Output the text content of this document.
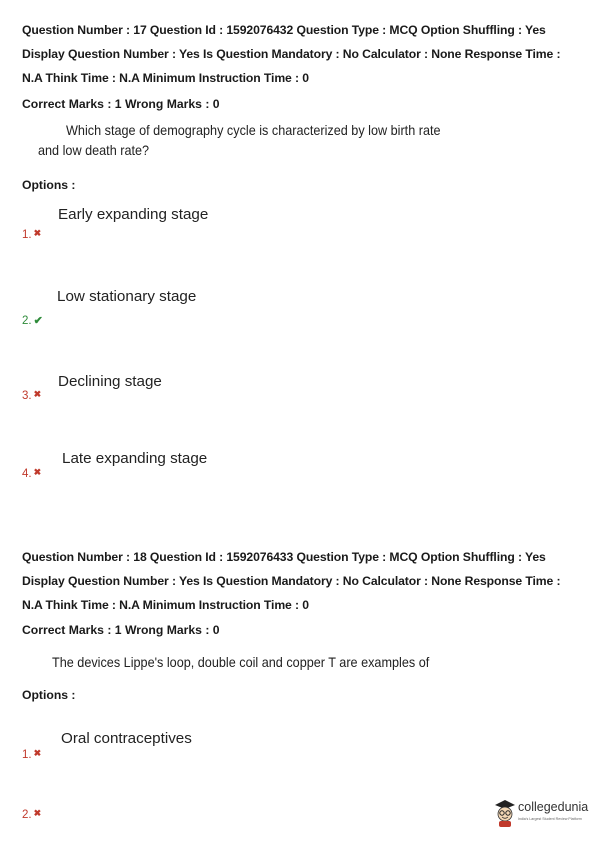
Question Number : 17 Question Id : 1592076432 Question Type : MCQ Option Shuffling : Yes Display Question Number : Yes Is Question Mandatory : No Calculator : None Response Time : N.A Think Time : N.A Minimum Instruction Time : 0
Correct Marks : 1 Wrong Marks : 0
Which stage of demography cycle is characterized by low birth rate
and low death rate?
Options :
Early expanding stage
1. ✖
Low stationary stage
2. ✔
Declining stage
3. ✖
Late expanding stage
4. ✖
Question Number : 18 Question Id : 1592076433 Question Type : MCQ Option Shuffling : Yes Display Question Number : Yes Is Question Mandatory : No Calculator : None Response Time : N.A Think Time : N.A Minimum Instruction Time : 0
Correct Marks : 1 Wrong Marks : 0
The devices Lippe's loop, double coil and copper T are examples of
Options :
Oral contraceptives
1. ✖
2. ✖	collegedunia
India's Largest Student Review Platform
